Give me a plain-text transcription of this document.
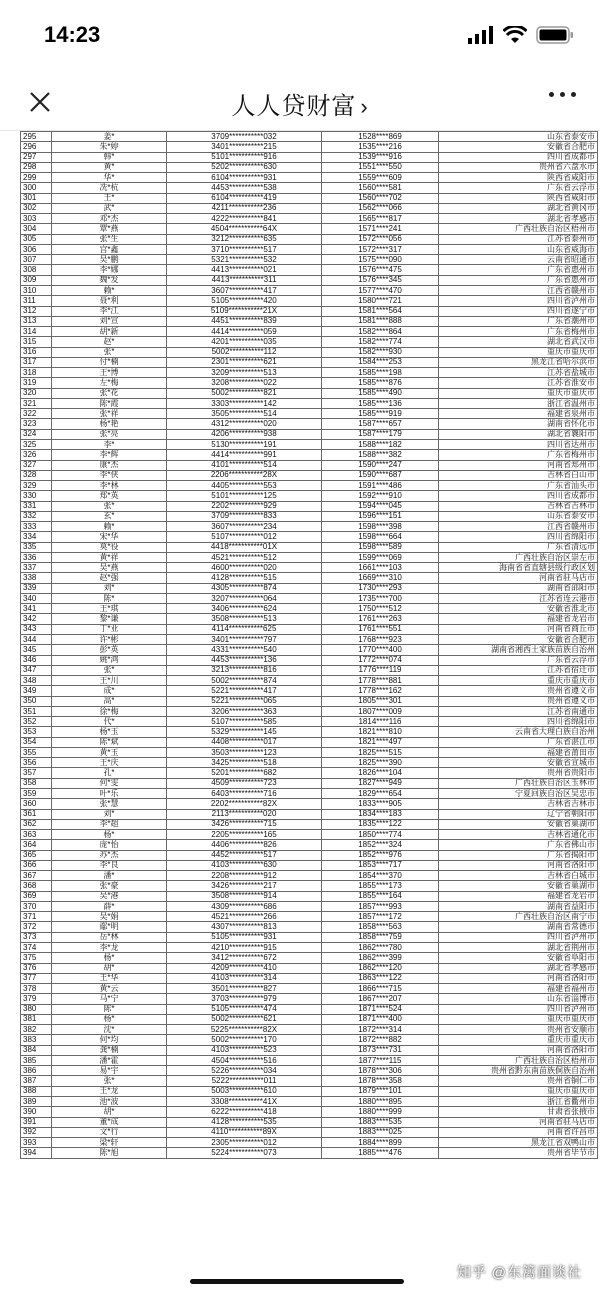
14:23
人人贷财富 ›
295	姜*	3709***********032	1528****869	山东省泰安市
296	朱*婷	3401***********215	1535****216	安徽省合肥市
297	韩*	5101***********916	1539****916	四川省成都市
298	黄*	5202***********630	1551****550	贵州省六盘水市
299	华*	6104***********931	1559****609	陕西省咸阳市
300	冼*杭	4453***********538	1560****581	广东省云浮市
301	王*	6104***********419	1560****702	陕西省咸阳市
302	武*	4211***********236	1562****066	湖北省黄冈市
303	邓*杰	4222***********841	1565****817	湖北省孝感市
304	覃*燕	4504***********64X	1571****241	广西壮族自治区梧州市
305	张*生	3212***********635	1572****056	江苏省泰州市
306	宫*鑫	3710***********517	1572****317	山东省威海市
307	吴*鹏	5321***********532	1575****090	云南省昭通市
308	李*娜	4413***********021	1576****475	广东省惠州市
309	魏*发	4413***********311	1576****345	广东省惠州市
310	赖*	3607***********417	1577****470	江西省赣州市
311	聂*利	5105***********420	1580****721	四川省泸州市
312	李*江	5109***********21X	1581****564	四川省遂宁市
313	刘*宣	4451***********839	1581****888	广东省潮州市
314	胡*新	4414***********059	1582****864	广东省梅州市
315	赵*	4201***********035	1582****774	湖北省武汉市
316	张*	5002***********112	1582****930	重庆市重庆市
317	付*楠	2301***********621	1584****253	黑龙江省哈尔滨市
318	王*博	3209***********513	1585****198	江苏省盐城市
319	左*梅	3208***********022	1585****876	江苏省淮安市
320	张*花	5002***********821	1585****490	重庆市重庆市
321	陈*霞	3303***********142	1585****136	浙江省温州市
322	张*祥	3505***********514	1585****919	福建省泉州市
323	杨*艳	4312***********020	1587****657	湖南省怀化市
324	张*亮	4206***********938	1587****179	湖北省襄阳市
325	李*	5130***********191	1588****182	四川省达州市
326	李*辉	4414***********991	1588****382	广东省梅州市
327	康*杰	4101***********514	1590****247	河南省郑州市
328	李*侠	2206***********28X	1590****687	吉林省白山市
329	李*林	4405***********553	1591****486	广东省汕头市
330	郑*英	5101***********125	1592****910	四川省成都市
331	张*	2202***********929	1594****045	吉林省吉林市
332	玄*	3709***********833	1596****151	山东省泰安市
333	赖*	3607***********234	1598****398	江西省赣州市
334	宋*华	5107***********012	1598****664	四川省绵阳市
335	莫*役	4418***********01X	1598****589	广东省清远市
336	黄*祥	4521***********512	1599****069	广西壮族自治区崇左市
337	吴*燕	4600***********020	1661****103	海南省省直辖县级行政区划
338	赵*强	4128***********515	1669****310	河南省驻马店市
339	刘*	4305***********874	1730****293	湖南省邵阳市
340	陈*	3207***********064	1735****700	江苏省连云港市
341	王*琪	3406***********624	1750****512	安徽省淮北市
342	黎*谦	3508***********513	1761****263	福建省龙岩市
343	丁*亚	4114***********625	1761****551	河南省商丘市
344	许*彬	3401***********797	1768****923	安徽省合肥市
345	彭*英	4331***********540	1770****400	湖南省湘西土家族苗族自治州
346	姚*鸿	4453***********136	1772****074	广东省云浮市
347	张*	3213***********816	1776****119	江苏省宿迁市
348	王*川	5002***********874	1778****881	重庆市重庆市
349	成*	5221***********417	1778****162	贵州省遵义市
350	高*	5221***********065	1805****301	贵州省遵义市
351	徐*梅	3206***********363	1807****009	江苏省南通市
352	代*	5107***********585	1814****116	四川省绵阳市
353	杨*玉	5329***********145	1821****810	云南省大理白族自治州
354	陈*斌	4408***********017	1821****497	广东省湛江市
355	黄*玉	3503***********123	1825****515	福建省莆田市
356	王*庆	3425***********518	1825****390	安徽省宣城市
357	孔*	5201***********682	1826****104	贵州省贵阳市
358	何*雯	4509***********723	1827****949	广西壮族自治区玉林市
359	叶*乐	6403***********716	1829****654	宁夏回族自治区吴忠市
360	张*慧	2202***********82X	1833****905	吉林省吉林市
361	刘*	2113***********020	1834****183	辽宁省朝阳市
362	李*超	3426***********715	1835****122	安徽省巢湖市
363	杨*	2205***********165	1850****774	吉林省通化市
364	庞*怡	4406***********826	1852****324	广东省佛山市
365	苏*杰	4452***********517	1852****976	广东省揭阳市
366	李*良	4103***********630	1853****717	河南省洛阳市
367	潘*	2208***********912	1854****370	吉林省白城市
368	张*豪	3426***********217	1855****173	安徽省巢湖市
369	吴*港	3508***********914	1855****164	福建省龙岩市
370	薛*	4309***********686	1857****993	湖南省益阳市
371	吴*娟	4521***********266	1857****172	广西壮族自治区南宁市
372	鄢*明	4307***********813	1858****563	湖南省常德市
373	岳*林	5105***********931	1858****759	四川省泸州市
374	李*龙	4210***********915	1862****780	湖北省荆州市
375	杨*	3412***********672	1862****399	安徽省阜阳市
376	胡*	4209***********410	1862****120	湖北省孝感市
377	王*华	4103***********314	1863****122	河南省洛阳市
378	黄*云	3501***********827	1866****715	福建省福州市
379	马*宁	3703***********979	1867****207	山东省淄博市
380	陈*	5105***********474	1871****524	四川省泸州市
381	杨*	5002***********621	1871****400	重庆市重庆市
382	沈*	5225***********82X	1872****314	贵州省安顺市
383	何*均	5002***********170	1872****882	重庆市重庆市
384	龚*楠	4103***********523	1873****731	河南省洛阳市
385	潘*霍	4504***********516	1877****115	广西壮族自治区梧州市
386	易*宇	5226***********034	1878****306	贵州省黔东南苗族侗族自治州
387	张*	5222***********011	1878****358	贵州省铜仁市
388	王*龙	5003***********610	1879****101	重庆市重庆市
389	池*波	3308***********41X	1880****895	浙江省衢州市
390	胡*	6222***********418	1880****999	甘肃省张掖市
391	董*成	4128***********535	1883****535	河南省驻马店市
392	文*行	4110***********89X	1883****025	河南省许昌市
393	梁*轩	2305***********012	1884****899	黑龙江省双鸭山市
394	陈*旭	5224***********073	1885****476	贵州省毕节市
知乎 @东篱面谈社
